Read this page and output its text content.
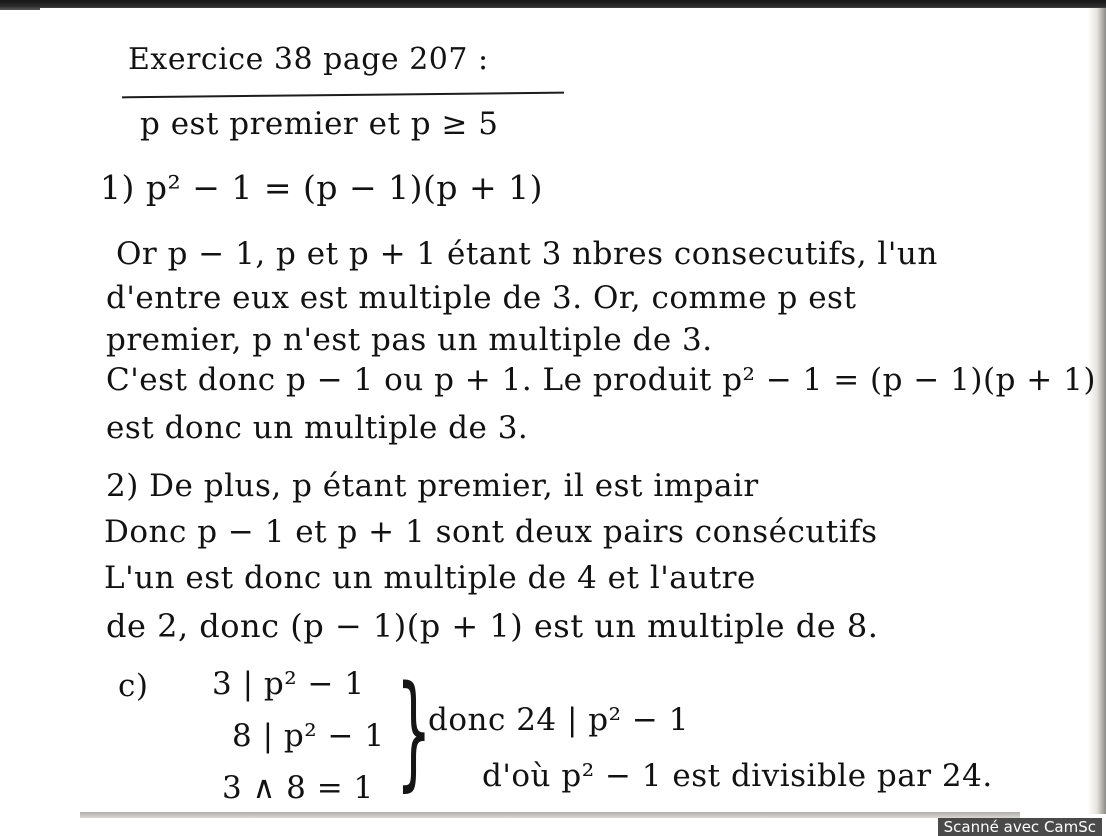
Exercice 38 page 207 :
p est premier et p ≥ 5
1) p² − 1 = (p − 1)(p + 1)
Or p − 1, p et p + 1 étant 3 nbres consecutifs, l'un
d'entre eux est multiple de 3. Or, comme p est
premier, p n'est pas un multiple de 3.
C'est donc p − 1 ou p + 1. Le produit p² − 1 = (p − 1)(p + 1)
est donc un multiple de 3.
2) De plus, p étant premier, il est impair
Donc p − 1 et p + 1 sont deux pairs consécutifs
L'un est donc un multiple de 4 et l'autre
de 2, donc (p − 1)(p + 1) est un multiple de 8.
c) 3 | p² − 1
8 | p² − 1
3 ∧ 8 = 1 }
donc 24 | p² − 1
d'où p² − 1 est divisible par 24.
Scanné avec CamSc
